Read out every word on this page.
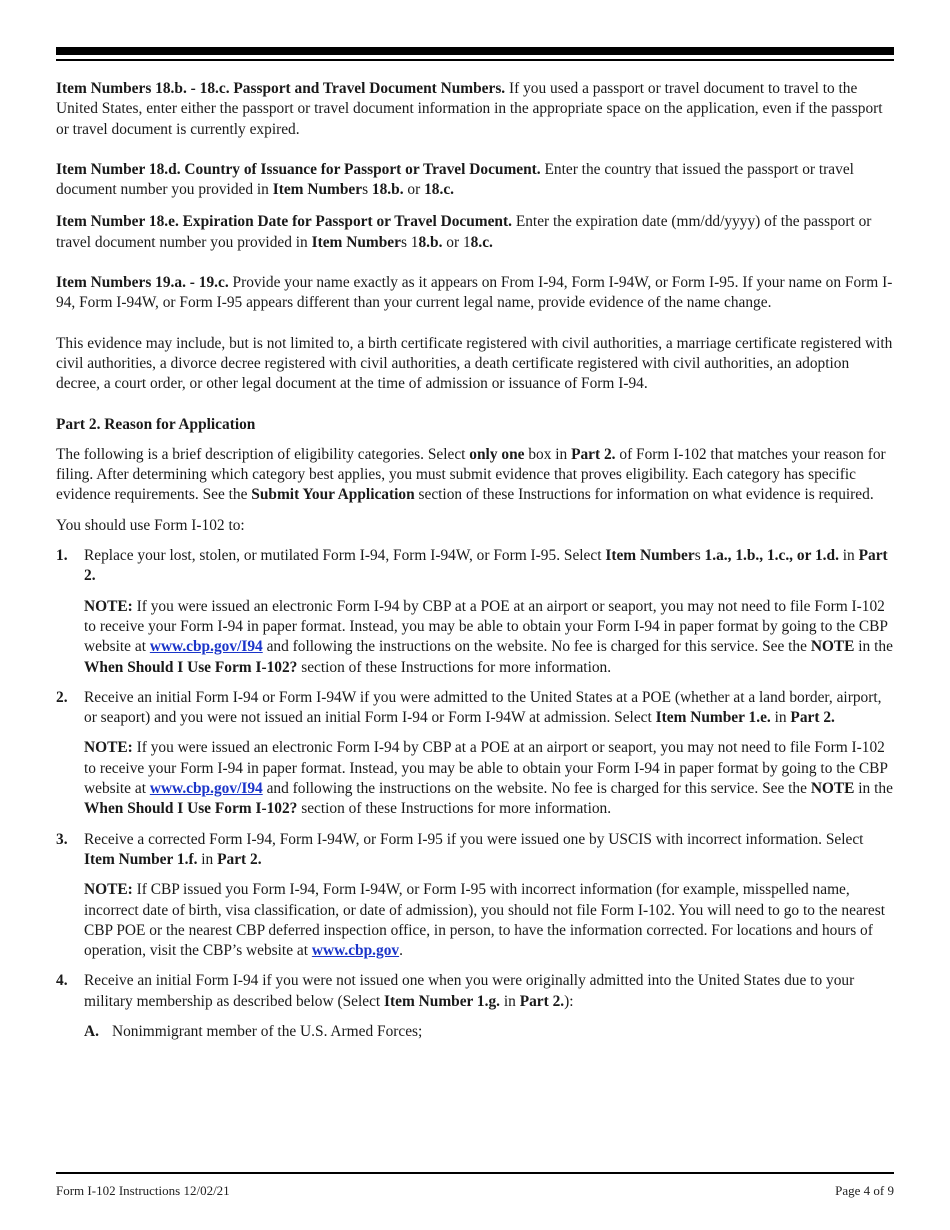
Item Numbers 18.b. - 18.c. Passport and Travel Document Numbers. If you used a passport or travel document to travel to the United States, enter either the passport or travel document information in the appropriate space on the application, even if the passport or travel document is currently expired.

Item Number 18.d. Country of Issuance for Passport or Travel Document. Enter the country that issued the passport or travel document number you provided in Item Numbers 18.b. or 18.c.

Item Number 18.e. Expiration Date for Passport or Travel Document. Enter the expiration date (mm/dd/yyyy) of the passport or travel document number you provided in Item Numbers 18.b. or 18.c.

Item Numbers 19.a. - 19.c. Provide your name exactly as it appears on From I-94, Form I-94W, or Form I-95. If your name on Form I-94, Form I-94W, or Form I-95 appears different than your current legal name, provide evidence of the name change.

This evidence may include, but is not limited to, a birth certificate registered with civil authorities, a marriage certificate registered with civil authorities, a divorce decree registered with civil authorities, a death certificate registered with civil authorities, an adoption decree, a court order, or other legal document at the time of admission or issuance of Form I-94.

Part 2. Reason for Application

The following is a brief description of eligibility categories. Select only one box in Part 2. of Form I-102 that matches your reason for filing. After determining which category best applies, you must submit evidence that proves eligibility. Each category has specific evidence requirements. See the Submit Your Application section of these Instructions for information on what evidence is required.

You should use Form I-102 to:

1. Replace your lost, stolen, or mutilated Form I-94, Form I-94W, or Form I-95. Select Item Numbers 1.a., 1.b., 1.c., or 1.d. in Part 2.

NOTE: If you were issued an electronic Form I-94 by CBP at a POE at an airport or seaport, you may not need to file Form I-102 to receive your Form I-94 in paper format. Instead, you may be able to obtain your Form I-94 in paper format by going to the CBP website at www.cbp.gov/I94 and following the instructions on the website. No fee is charged for this service. See the NOTE in the When Should I Use Form I-102? section of these Instructions for more information.

2. Receive an initial Form I-94 or Form I-94W if you were admitted to the United States at a POE (whether at a land border, airport, or seaport) and you were not issued an initial Form I-94 or Form I-94W at admission. Select Item Number 1.e. in Part 2.

NOTE: If you were issued an electronic Form I-94 by CBP at a POE at an airport or seaport, you may not need to file Form I-102 to receive your Form I-94 in paper format. Instead, you may be able to obtain your Form I-94 in paper format by going to the CBP website at www.cbp.gov/I94 and following the instructions on the website. No fee is charged for this service. See the NOTE in the When Should I Use Form I-102? section of these Instructions for more information.

3. Receive a corrected Form I-94, Form I-94W, or Form I-95 if you were issued one by USCIS with incorrect information. Select Item Number 1.f. in Part 2.

NOTE: If CBP issued you Form I-94, Form I-94W, or Form I-95 with incorrect information (for example, misspelled name, incorrect date of birth, visa classification, or date of admission), you should not file Form I-102. You will need to go to the nearest CBP POE or the nearest CBP deferred inspection office, in person, to have the information corrected. For locations and hours of operation, visit the CBP’s website at www.cbp.gov.

4. Receive an initial Form I-94 if you were not issued one when you were originally admitted into the United States due to your military membership as described below (Select Item Number 1.g. in Part 2.):
A. Nonimmigrant member of the U.S. Armed Forces;
Form I-102 Instructions 12/02/21	Page 4 of 9
